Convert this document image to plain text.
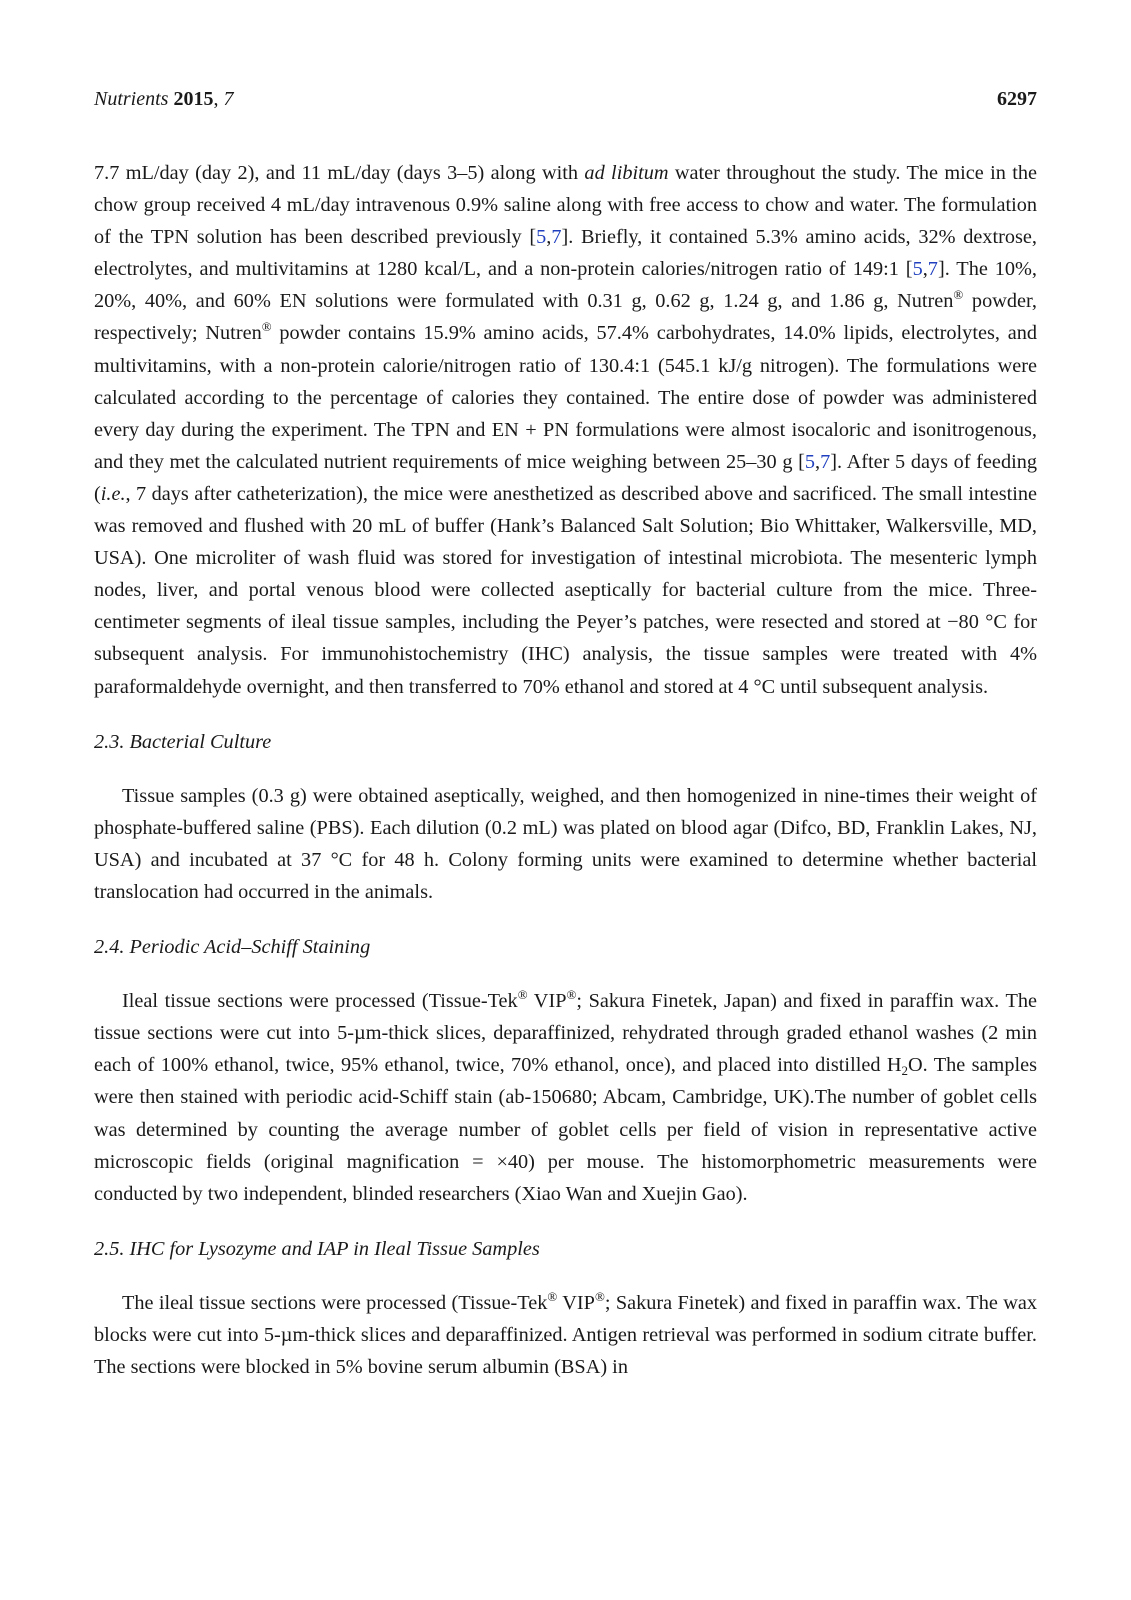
Nutrients 2015, 7	6297

7.7 mL/day (day 2), and 11 mL/day (days 3–5) along with ad libitum water throughout the study. The mice in the chow group received 4 mL/day intravenous 0.9% saline along with free access to chow and water. The formulation of the TPN solution has been described previously [5,7]. Briefly, it contained 5.3% amino acids, 32% dextrose, electrolytes, and multivitamins at 1280 kcal/L, and a non-protein calories/nitrogen ratio of 149:1 [5,7]. The 10%, 20%, 40%, and 60% EN solutions were formulated with 0.31 g, 0.62 g, 1.24 g, and 1.86 g, Nutren® powder, respectively; Nutren® powder contains 15.9% amino acids, 57.4% carbohydrates, 14.0% lipids, electrolytes, and multivitamins, with a non-protein calorie/nitrogen ratio of 130.4:1 (545.1 kJ/g nitrogen). The formulations were calculated according to the percentage of calories they contained. The entire dose of powder was administered every day during the experiment. The TPN and EN + PN formulations were almost isocaloric and isonitrogenous, and they met the calculated nutrient requirements of mice weighing between 25–30 g [5,7]. After 5 days of feeding (i.e., 7 days after catheterization), the mice were anesthetized as described above and sacrificed. The small intestine was removed and flushed with 20 mL of buffer (Hank’s Balanced Salt Solution; Bio Whittaker, Walkersville, MD, USA). One microliter of wash fluid was stored for investigation of intestinal microbiota. The mesenteric lymph nodes, liver, and portal venous blood were collected aseptically for bacterial culture from the mice. Three-centimeter segments of ileal tissue samples, including the Peyer’s patches, were resected and stored at −80 °C for subsequent analysis. For immunohistochemistry (IHC) analysis, the tissue samples were treated with 4% paraformaldehyde overnight, and then transferred to 70% ethanol and stored at 4 °C until subsequent analysis.

2.3. Bacterial Culture

Tissue samples (0.3 g) were obtained aseptically, weighed, and then homogenized in nine-times their weight of phosphate-buffered saline (PBS). Each dilution (0.2 mL) was plated on blood agar (Difco, BD, Franklin Lakes, NJ, USA) and incubated at 37 °C for 48 h. Colony forming units were examined to determine whether bacterial translocation had occurred in the animals.

2.4. Periodic Acid–Schiff Staining

Ileal tissue sections were processed (Tissue-Tek® VIP®; Sakura Finetek, Japan) and fixed in paraffin wax. The tissue sections were cut into 5-µm-thick slices, deparaffinized, rehydrated through graded ethanol washes (2 min each of 100% ethanol, twice, 95% ethanol, twice, 70% ethanol, once), and placed into distilled $H_2O$. The samples were then stained with periodic acid-Schiff stain (ab-150680; Abcam, Cambridge, UK).The number of goblet cells was determined by counting the average number of goblet cells per field of vision in representative active microscopic fields (original magnification = ×40) per mouse. The histomorphometric measurements were conducted by two independent, blinded researchers (Xiao Wan and Xuejin Gao).

2.5. IHC for Lysozyme and IAP in Ileal Tissue Samples

The ileal tissue sections were processed (Tissue-Tek® VIP®; Sakura Finetek) and fixed in paraffin wax. The wax blocks were cut into 5-µm-thick slices and deparaffinized. Antigen retrieval was performed in sodium citrate buffer. The sections were blocked in 5% bovine serum albumin (BSA) in
